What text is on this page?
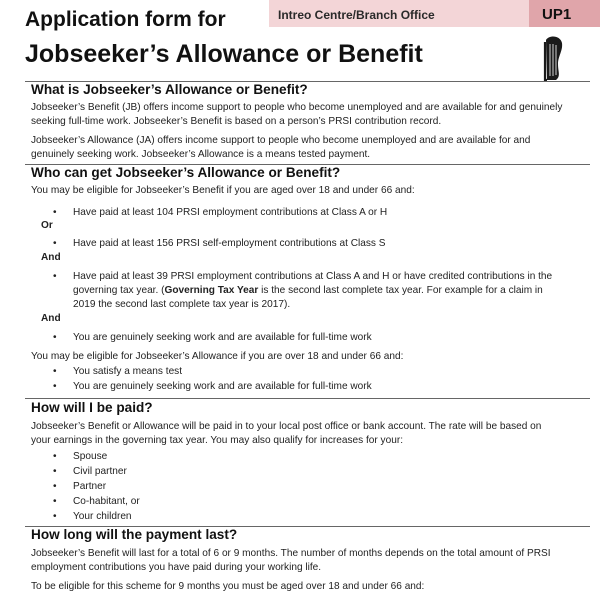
Application form for	Intreo Centre/Branch Office	UP1
Jobseeker’s Allowance or Benefit
What is Jobseeker’s Allowance or Benefit?
Jobseeker’s Benefit (JB) offers income support to people who become unemployed and are available for and genuinely
seeking full-time work. Jobseeker’s Benefit is based on a person’s PRSI contribution record.
Jobseeker’s Allowance (JA) offers income support to people who become unemployed and are available for and
genuinely seeking work. Jobseeker’s Allowance is a means tested payment.
Who can get Jobseeker’s Allowance or Benefit?
You may be eligible for Jobseeker’s Benefit if you are aged over 18 and under 66 and:
• Have paid at least 104 PRSI employment contributions at Class A or H
Or
• Have paid at least 156 PRSI self-employment contributions at Class S
And
• Have paid at least 39 PRSI employment contributions at Class A and H or have credited contributions in the
governing tax year. (Governing Tax Year is the second last complete tax year. For example for a claim in
2019 the second last complete tax year is 2017).
And
• You are genuinely seeking work and are available for full-time work
You may be eligible for Jobseeker’s Allowance if you are over 18 and under 66 and:
• You satisfy a means test
• You are genuinely seeking work and are available for full-time work
How will I be paid?
Jobseeker’s Benefit or Allowance will be paid in to your local post office or bank account. The rate will be based on
your earnings in the governing tax year. You may also qualify for increases for your:
• Spouse
• Civil partner
• Partner
• Co-habitant, or
• Your children
How long will the payment last?
Jobseeker’s Benefit will last for a total of 6 or 9 months. The number of months depends on the total amount of PRSI
employment contributions you have paid during your working life.
To be eligible for this scheme for 9 months you must be aged over 18 and under 66 and:
